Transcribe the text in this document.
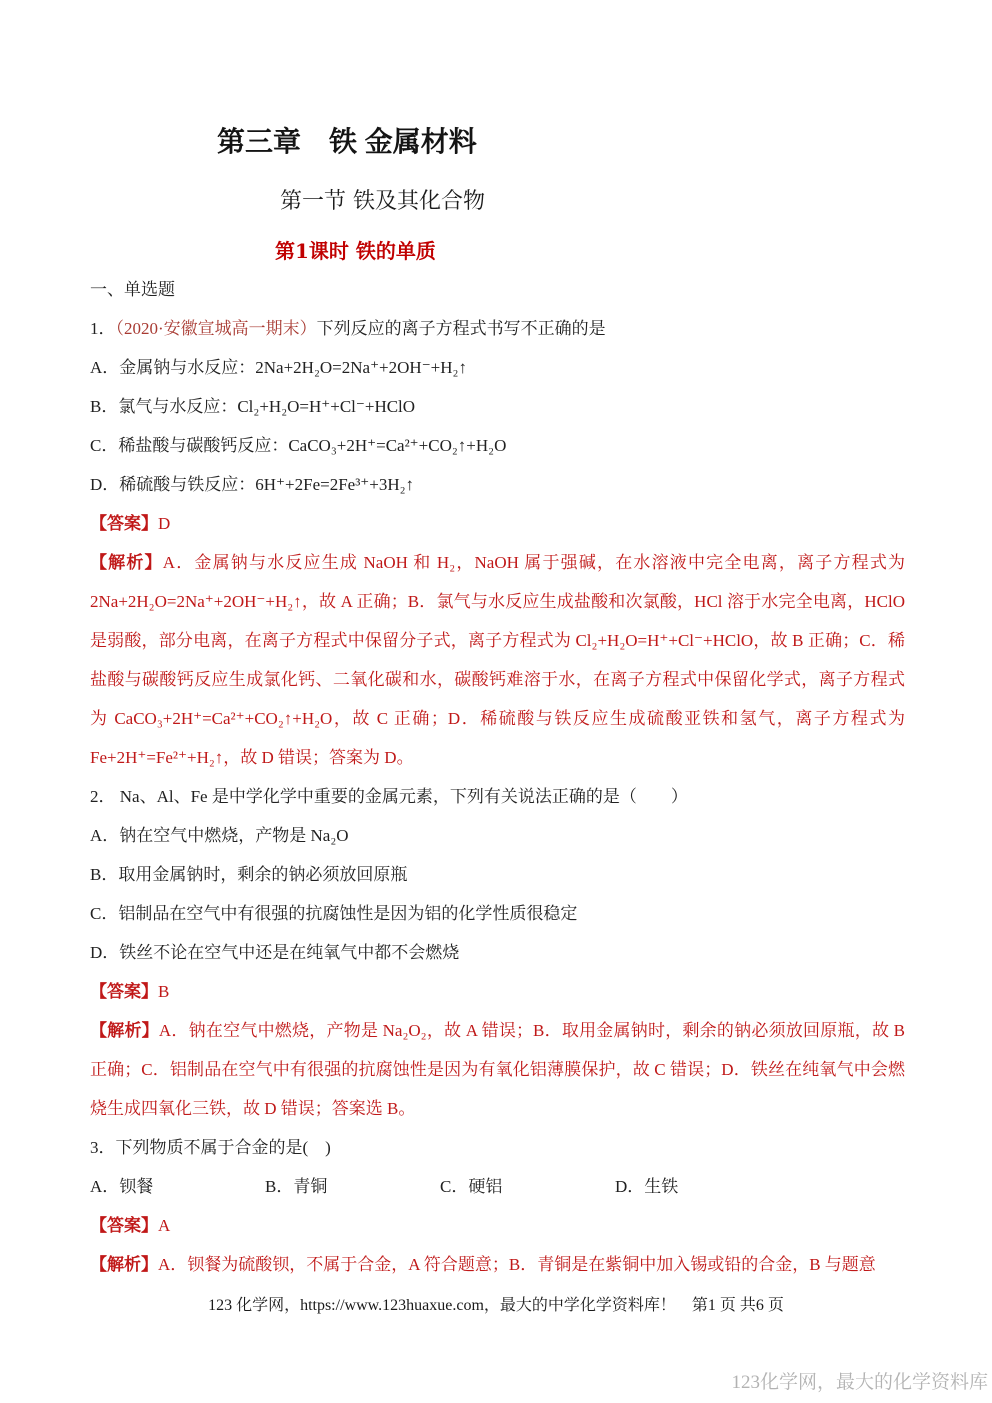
第三章　铁 金属材料
第一节 铁及其化合物
第1课时 铁的单质

一、单选题

1．（2020·安徽宣城高一期末）下列反应的离子方程式书写不正确的是

A．金属钠与水反应：2Na+2H₂O=2Na⁺+2OH⁻+H₂↑

B．氯气与水反应：Cl₂+H₂O=H⁺+Cl⁻+HClO

C．稀盐酸与碳酸钙反应：CaCO₃+2H⁺=Ca²⁺+CO₂↑+H₂O

D．稀硫酸与铁反应：6H⁺+2Fe=2Fe³⁺+3H₂↑

【答案】D

【解析】A．金属钠与水反应生成 NaOH 和 H₂，NaOH 属于强碱，在水溶液中完全电离，离子方程式为 2Na+2H₂O=2Na⁺+2OH⁻+H₂↑，故 A 正确；B．氯气与水反应生成盐酸和次氯酸，HCl 溶于水完全电离，HClO 是弱酸，部分电离，在离子方程式中保留分子式，离子方程式为 Cl₂+H₂O=H⁺+Cl⁻+HClO，故 B 正确；C．稀盐酸与碳酸钙反应生成氯化钙、二氧化碳和水，碳酸钙难溶于水，在离子方程式中保留化学式，离子方程式为 CaCO₃+2H⁺=Ca²⁺+CO₂↑+H₂O，故 C 正确；D．稀硫酸与铁反应生成硫酸亚铁和氢气，离子方程式为 Fe+2H⁺=Fe²⁺+H₂↑，故 D 错误；答案为 D。

2． Na、Al、Fe 是中学化学中重要的金属元素，下列有关说法正确的是（　　）

A．钠在空气中燃烧，产物是 Na₂O

B．取用金属钠时，剩余的钠必须放回原瓶

C．铝制品在空气中有很强的抗腐蚀性是因为铝的化学性质很稳定

D．铁丝不论在空气中还是在纯氧气中都不会燃烧

【答案】B

【解析】A．钠在空气中燃烧，产物是 Na₂O₂，故 A 错误；B．取用金属钠时，剩余的钠必须放回原瓶，故 B 正确；C．铝制品在空气中有很强的抗腐蚀性是因为有氧化铝薄膜保护，故 C 错误；D．铁丝在纯氧气中会燃烧生成四氧化三铁，故 D 错误；答案选 B。

3．下列物质不属于合金的是(　)

A．钡餐	B．青铜	C．硬铝	D．生铁

【答案】A

【解析】A．钡餐为硫酸钡，不属于合金，A 符合题意；B．青铜是在紫铜中加入锡或铅的合金，B 与题意

123 化学网，https://www.123huaxue.com，最大的中学化学资料库！ 第1 页 共6 页
123化学网，最大的化学资料库
